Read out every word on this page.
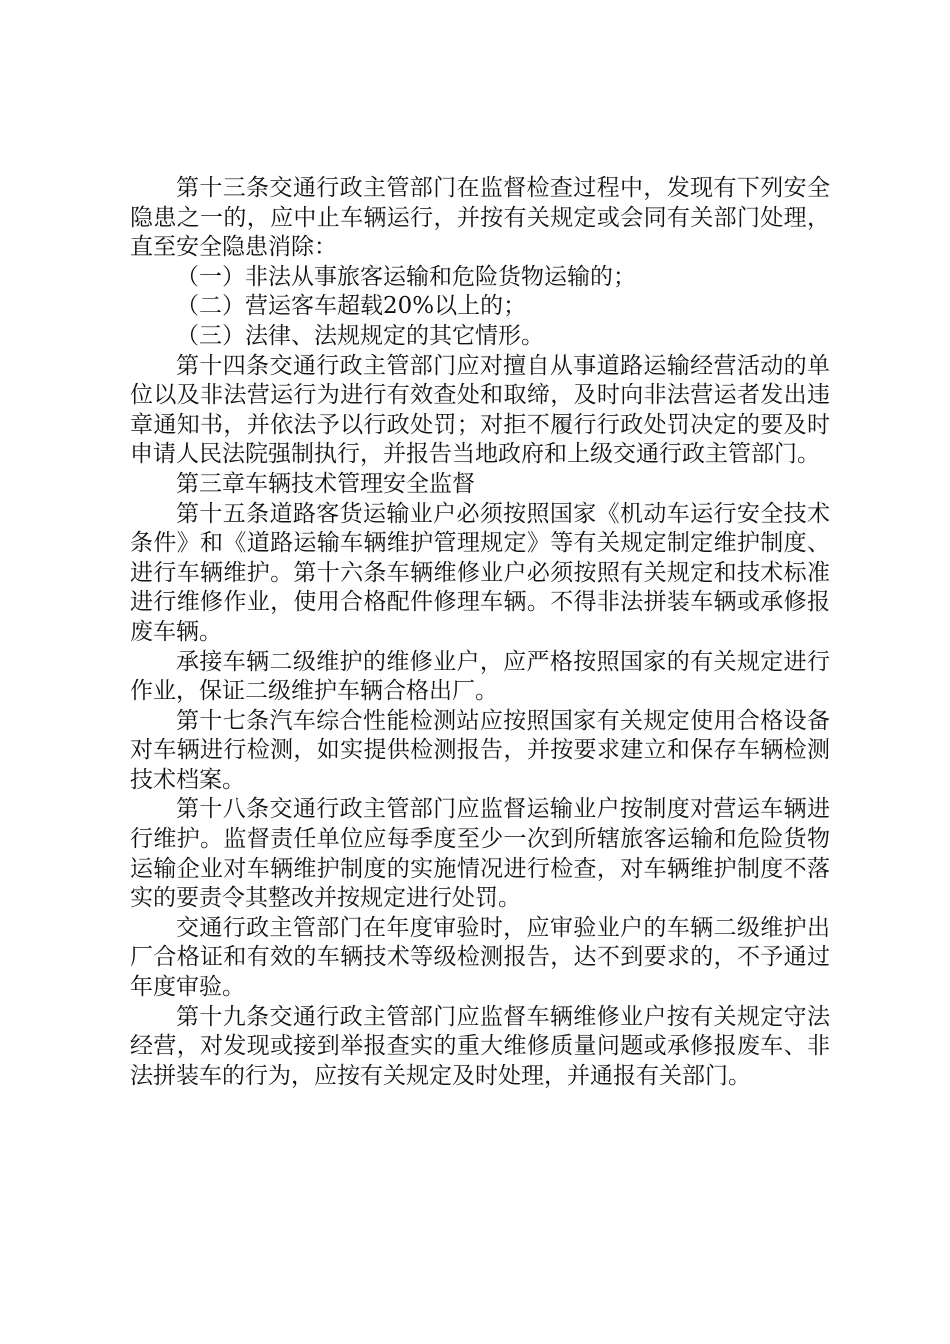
第十三条交通行政主管部门在监督检查过程中，发现有下列安全隐患之一的，应中止车辆运行，并按有关规定或会同有关部门处理，直至安全隐患消除：

（一）非法从事旅客运输和危险货物运输的；

（二）营运客车超载20%以上的；

（三）法律、法规规定的其它情形。

第十四条交通行政主管部门应对擅自从事道路运输经营活动的单位以及非法营运行为进行有效查处和取缔，及时向非法营运者发出违章通知书，并依法予以行政处罚；对拒不履行行政处罚决定的要及时申请人民法院强制执行，并报告当地政府和上级交通行政主管部门。

第三章车辆技术管理安全监督

第十五条道路客货运输业户必须按照国家《机动车运行安全技术条件》和《道路运输车辆维护管理规定》等有关规定制定维护制度、进行车辆维护。第十六条车辆维修业户必须按照有关规定和技术标准进行维修作业，使用合格配件修理车辆。不得非法拼装车辆或承修报废车辆。

承接车辆二级维护的维修业户，应严格按照国家的有关规定进行作业，保证二级维护车辆合格出厂。

第十七条汽车综合性能检测站应按照国家有关规定使用合格设备对车辆进行检测，如实提供检测报告，并按要求建立和保存车辆检测技术档案。

第十八条交通行政主管部门应监督运输业户按制度对营运车辆进行维护。监督责任单位应每季度至少一次到所辖旅客运输和危险货物运输企业对车辆维护制度的实施情况进行检查，对车辆维护制度不落实的要责令其整改并按规定进行处罚。

交通行政主管部门在年度审验时，应审验业户的车辆二级维护出厂合格证和有效的车辆技术等级检测报告，达不到要求的，不予通过年度审验。

第十九条交通行政主管部门应监督车辆维修业户按有关规定守法经营，对发现或接到举报查实的重大维修质量问题或承修报废车、非法拼装车的行为，应按有关规定及时处理，并通报有关部门。
